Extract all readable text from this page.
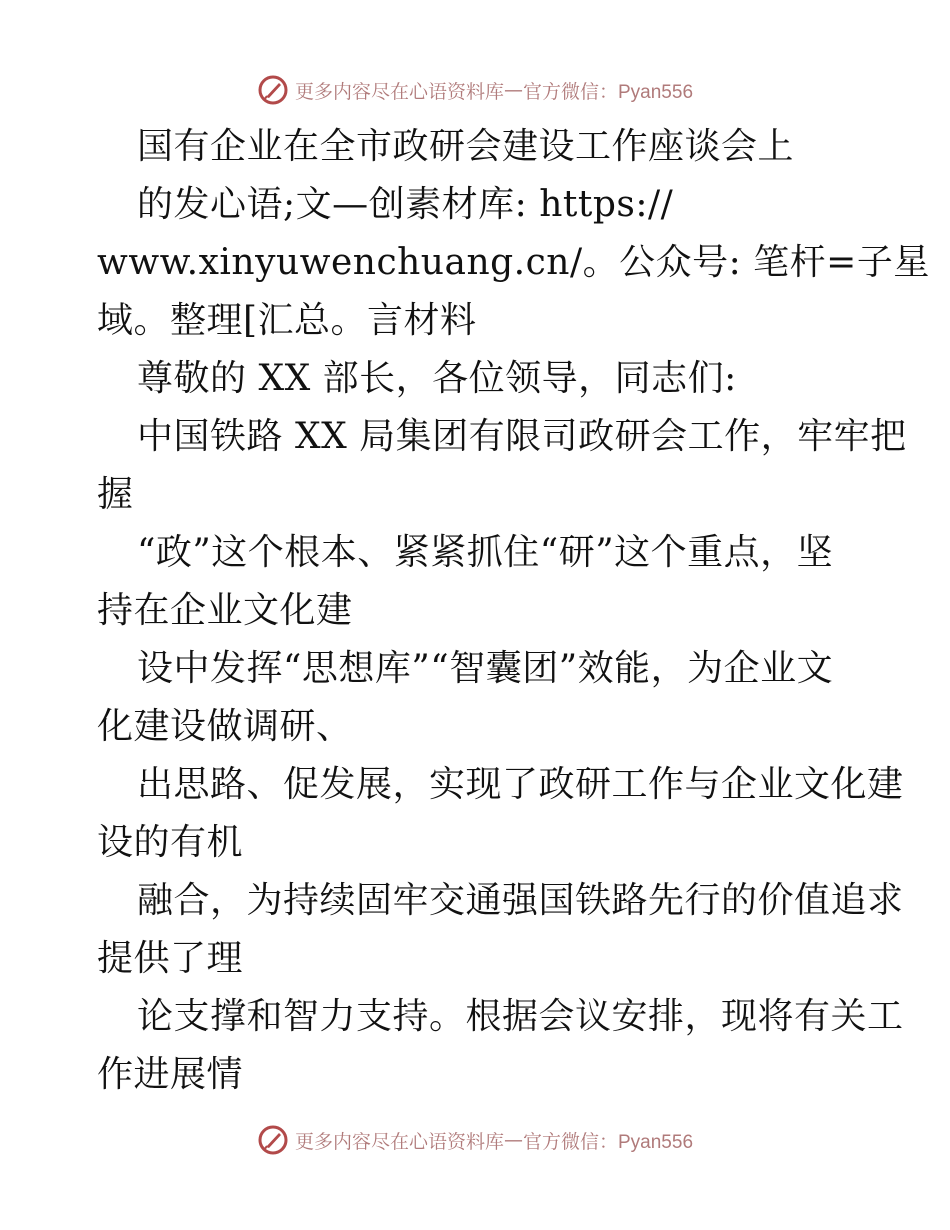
更多内容尽在心语资料库 — 官方微信：Pyan556
国有企业在全市政研会建设工作座谈会上
的发心语;文—创素材库: https://
www.xinyuwenchuang.cn/。公众号: 笔杆=子星
域。整理[汇总。言材料
尊敬的 XX 部长，各位领导，同志们:
中国铁路 XX 局集团有限司政研会工作，牢牢把
握
“政”这个根本、紧紧抓住“研”这个重点，坚
持在企业文化建
设中发挥“思想库”“智囊团”效能，为企业文
化建设做调研、
出思路、促发展，实现了政研工作与企业文化建
设的有机
融合，为持续固牢交通强国铁路先行的价值追求
提供了理
论支撑和智力支持。根据会议安排，现将有关工
作进展情
更多内容尽在心语资料库 — 官方微信：Pyan556
